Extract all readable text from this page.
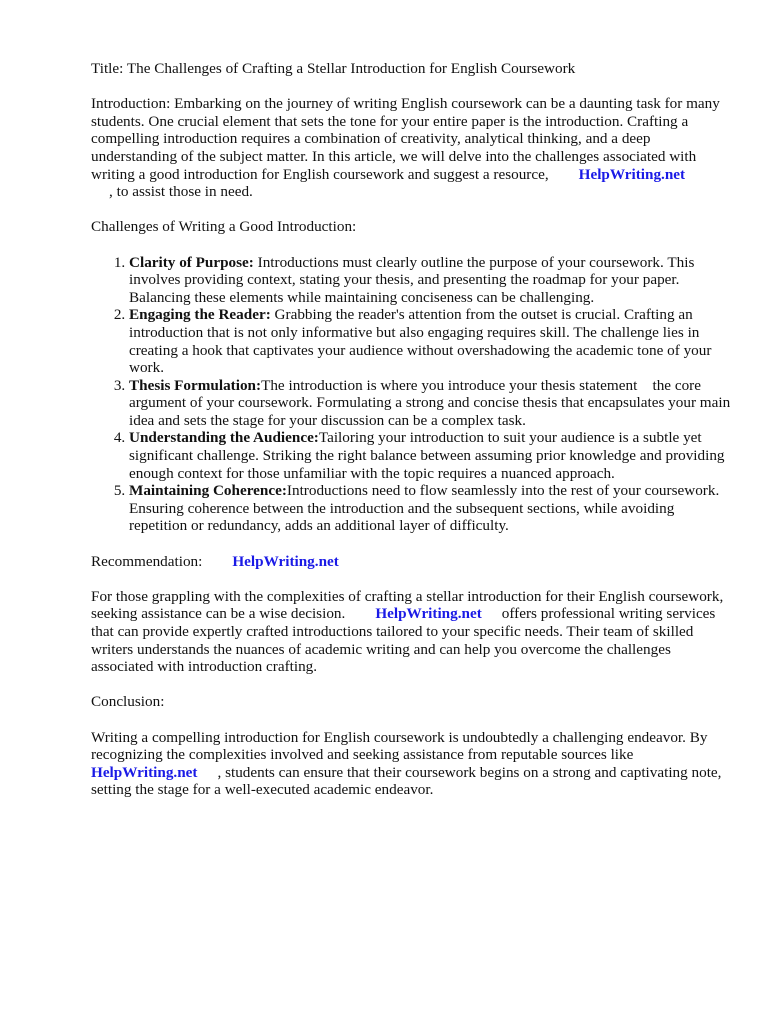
Title: The Challenges of Crafting a Stellar Introduction for English Coursework

Introduction: Embarking on the journey of writing English coursework can be a daunting task for many students. One crucial element that sets the tone for your entire paper is the introduction. Crafting a compelling introduction requires a combination of creativity, analytical thinking, and a deep understanding of the subject matter. In this article, we will delve into the challenges associated with writing a good introduction for English coursework and suggest a resource, HelpWriting.net
, to assist those in need.

Challenges of Writing a Good Introduction:

1. Clarity of Purpose: Introductions must clearly outline the purpose of your coursework. This involves providing context, stating your thesis, and presenting the roadmap for your paper. Balancing these elements while maintaining conciseness can be challenging.
2. Engaging the Reader: Grabbing the reader's attention from the outset is crucial. Crafting an introduction that is not only informative but also engaging requires skill. The challenge lies in creating a hook that captivates your audience without overshadowing the academic tone of your work.
3. Thesis Formulation:The introduction is where you introduce your thesis statement    the core argument of your coursework. Formulating a strong and concise thesis that encapsulates your main idea and sets the stage for your discussion can be a complex task.
4. Understanding the Audience:Tailoring your introduction to suit your audience is a subtle yet significant challenge. Striking the right balance between assuming prior knowledge and providing enough context for those unfamiliar with the topic requires a nuanced approach.
5. Maintaining Coherence:Introductions need to flow seamlessly into the rest of your coursework. Ensuring coherence between the introduction and the subsequent sections, while avoiding repetition or redundancy, adds an additional layer of difficulty.

Recommendation: HelpWriting.net

For those grappling with the complexities of crafting a stellar introduction for their English coursework, seeking assistance can be a wise decision. HelpWriting.net offers professional writing services that can provide expertly crafted introductions tailored to your specific needs. Their team of skilled writers understands the nuances of academic writing and can help you overcome the challenges associated with introduction crafting.

Conclusion:

Writing a compelling introduction for English coursework is undoubtedly a challenging endeavor. By recognizing the complexities involved and seeking assistance from reputable sources like HelpWriting.net , students can ensure that their coursework begins on a strong and captivating note, setting the stage for a well-executed academic endeavor.
